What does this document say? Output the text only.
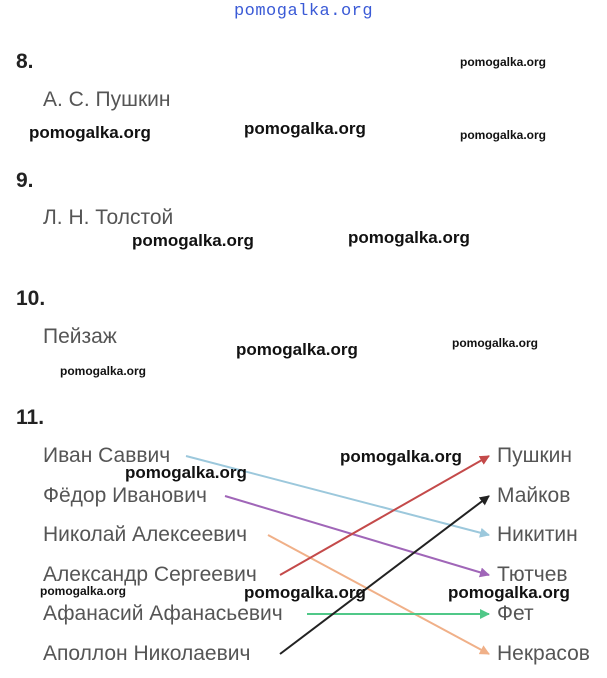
pomogalka.org
8.
А. С. Пушкин
9.
Л. Н. Толстой
10.
Пейзаж
11.
Иван Саввич
Фёдор Иванович
Николай Алексеевич
Александр Сергеевич
Афанасий Афанасьевич
Аполлон Николаевич
Пушкин
Майков
Никитин
Тютчев
Фет
Некрасов
pomogalka.org
pomogalka.org	pomogalka.org	pomogalka.org
pomogalka.org	pomogalka.org
pomogalka.org	pomogalka.org
pomogalka.org
pomogalka.org
pomogalka.org
pomogalka.org	pomogalka.org	pomogalka.org
